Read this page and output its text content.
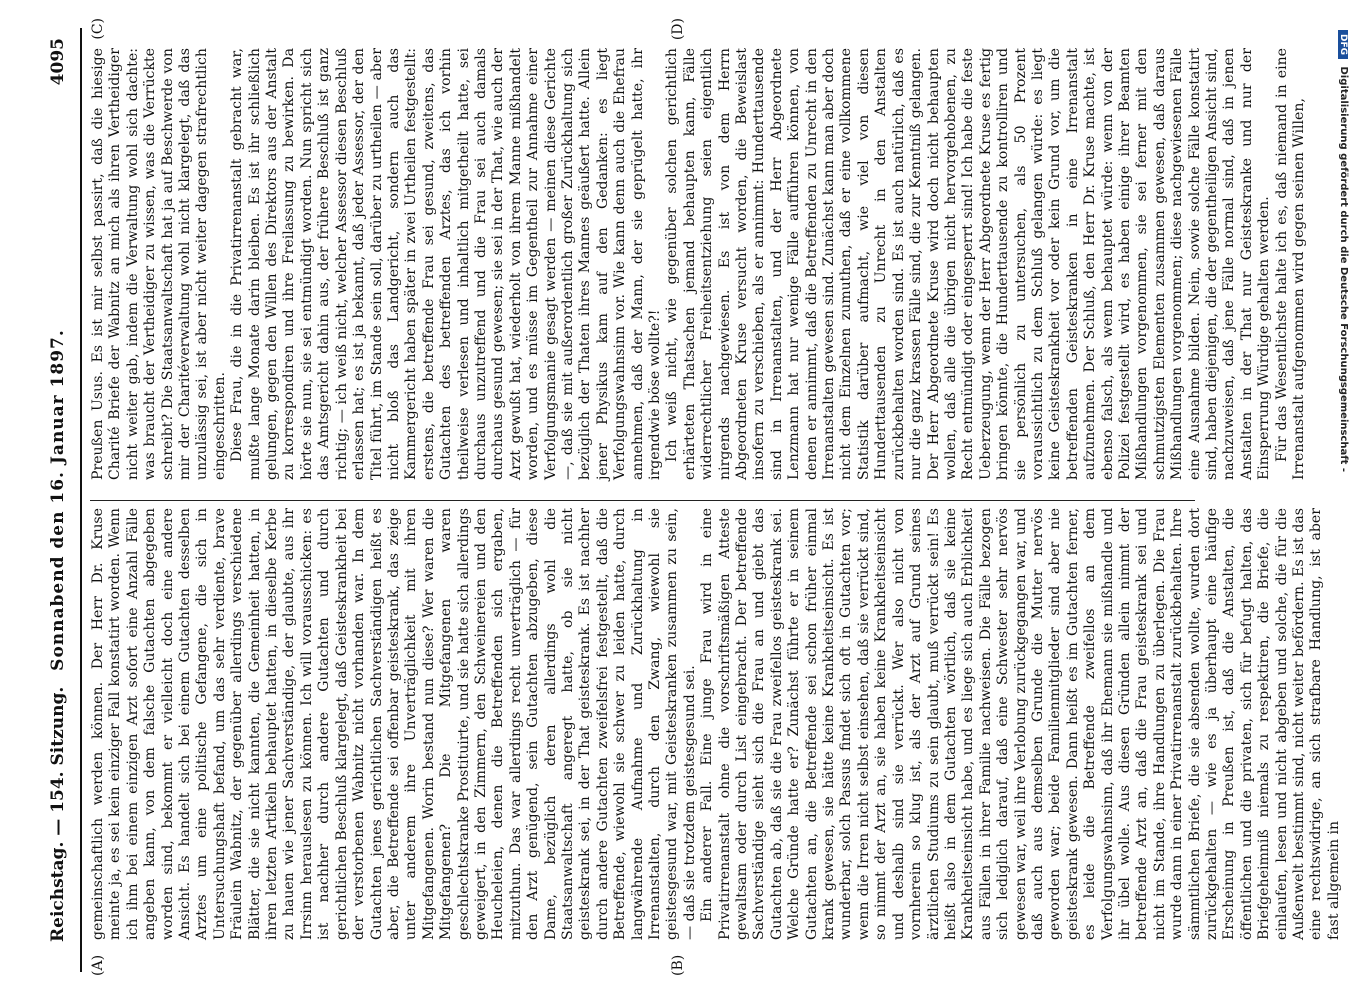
Reichstag. — 154. Sitzung.
Sonnabend den 16. Januar 1897.
4095
(A)	(B)
(C)	(D)

gemeinschaftlich werden können. Der Herr Dr. Kruse meinte ja, es sei kein einziger Fall konstatirt worden. Wenn ich ihm bei einem einzigen Arzt sofort eine Anzahl Fälle angeben kann, von dem falsche Gutachten abgegeben worden sind, bekommt er vielleicht doch eine andere Ansicht. Es handelt sich bei einem Gutachten desselben Arztes um eine politische Gefangene, die sich in Untersuchungshaft befand, um das sehr verdiente, brave Fräulein Wabnitz, der gegenüber allerdings verschiedene Blätter, die sie nicht kannten, die Gemeinheit hatten, in ihren letzten Artikeln behauptet hatten, in dieselbe Kerbe zu hauen wie jener Sachverständige, der glaubte, aus ihr Irrsinn herauslesen zu können. Ich will vorausschicken: es ist nachher durch andere Gutachten und durch gerichtlichen Beschluß klargelegt, daß Geisteskrankheit bei der verstorbenen Wabnitz nicht vorhanden war. In dem Gutachten jenes gerichtlichen Sachverständigen heißt es aber, die Betreffende sei offenbar geisteskrank, das zeige unter anderem ihre Unverträglichkeit mit ihren Mitgefangenen. Worin bestand nun diese? Wer waren die Mitgefangenen? Die Mitgefangenen waren geschlechtskranke Prostituirte, und sie hatte sich allerdings geweigert, in den Zimmern, den Schweinereien und den Heucheleien, denen die Betreffenden sich ergaben, mitzuthun. Das war allerdings recht unverträglich — für den Arzt genügend, sein Gutachten abzugeben, diese Dame, bezüglich deren allerdings wohl die Staatsanwaltschaft angeregt hatte, ob sie nicht geisteskrank sei, in der That geisteskrank. Es ist nachher durch andere Gutachten zweifelsfrei festgestellt, daß die Betreffende, wiewohl sie schwer zu leiden hatte, durch langwährende Aufnahme und Zurückhaltung in Irrenanstalten, durch den Zwang, wiewohl sie geistesgesund war, mit Geisteskranken zusammen zu sein, — daß sie trotzdem geistesgesund sei. Ein anderer Fall. Eine junge Frau wird in eine Privatirrenanstalt ohne die vorschriftsmäßigen Atteste gewaltsam oder durch List eingebracht. Der betreffende Sachverständige sieht sich die Frau an und giebt das Gutachten ab, daß sie die Frau zweifellos geisteskrank sei. Welche Gründe hatte er? Zunächst führte er in seinem Gutachten an, die Betreffende sei schon früher einmal krank gewesen, sie hätte keine Krankheitseinsicht. Es ist wunderbar, solch Passus findet sich oft in Gutachten vor; wenn die Irren nicht selbst einsehen, daß sie verrückt sind, so nimmt der Arzt an, sie haben keine Krankheitseinsicht und deshalb sind sie verrückt. Wer also nicht von vornherein so klug ist, als der Arzt auf Grund seines ärztlichen Studiums zu sein glaubt, muß verrückt sein! Es heißt also in dem Gutachten wörtlich, daß sie keine Krankheitseinsicht habe, und es liege sich auch Erblichkeit aus Fällen in ihrer Familie nachweisen. Die Fälle bezogen sich lediglich darauf, daß eine Schwester sehr nervös gewesen war, weil ihre Verlobung zurückgegangen war, und daß auch aus demselben Grunde die Mutter nervös geworden war; beide Familienmitglieder sind aber nie geisteskrank gewesen. Dann heißt es im Gutachten ferner, es leide die Betreffende zweifellos an dem Verfolgungswahnsinn, daß ihr Ehemann sie mißhandle und ihr übel wolle. Aus diesen Gründen allein nimmt der betreffende Arzt an, daß die Frau geisteskrank sei und nicht im Stande, ihre Handlungen zu überlegen. Die Frau wurde dann in einer Privatirrenanstalt zurückbehalten. Ihre sämmtlichen Briefe, die sie absenden wollte, wurden dort zurückgehalten — wie es ja überhaupt eine häufige Erscheinung in Preußen ist, daß die Anstalten, die öffentlichen und die privaten, sich für befugt halten, das Briefgeheimniß niemals zu respektiren, die Briefe, die einlaufen, lesen und nicht abgeben und solche, die für die Außenwelt bestimmt sind, nicht weiter befördern. Es ist das eine rechtswidrige, an sich strafbare Handlung, ist aber fast allgemein in

Preußen Usus. Es ist mir selbst passirt, daß die hiesige Charité Briefe der Wabnitz an mich als ihren Vertheidiger nicht weiter gab, indem die Verwaltung wohl sich dachte: was braucht der Vertheidiger zu wissen, was die Verrückte schreibt? Die Staatsanwaltschaft hat ja auf Beschwerde von mir der Charitéverwaltung wohl nicht klargelegt, daß das unzulässig sei, ist aber nicht weiter dagegen strafrechtlich eingeschritten. Diese Frau, die in die Privatirrenanstalt gebracht war, mußte lange Monate darin bleiben. Es ist ihr schließlich gelungen, gegen den Willen des Direktors aus der Anstalt zu korrespondiren und ihre Freilassung zu bewirken. Da hörte sie nun, sie sei entmündigt worden. Nun spricht sich das Amtsgericht dahin aus, der frühere Beschluß ist ganz richtig; — ich weiß nicht, welcher Assessor diesen Beschluß erlassen hat; es ist ja bekannt, daß jeder Assessor, der den Titel führt, im Stande sein soll, darüber zu urtheilen — aber nicht bloß das Landgericht, sondern auch das Kammergericht haben später in zwei Urtheilen festgestellt: erstens, die betreffende Frau sei gesund, zweitens, das Gutachten des betreffenden Arztes, das ich vorhin theilweise verlesen und inhaltlich mitgetheilt hatte, sei durchaus unzutreffend und die Frau sei auch damals durchaus gesund gewesen; sie sei in der That, wie auch der Arzt gewußt hat, wiederholt von ihrem Manne mißhandelt worden, und es müsse im Gegentheil zur Annahme einer Verfolgungsmanie gesagt werden — meinen diese Gerichte —, daß sie mit außerordentlich großer Zurückhaltung sich bezüglich der Thaten ihres Mannes geäußert hatte. Allein jener Physikus kam auf den Gedanken: es liegt Verfolgungswahnsinn vor. Wie kann denn auch die Ehefrau annehmen, daß der Mann, der sie geprügelt hatte, ihr irgendwie böse wollte?! Ich weiß nicht, wie gegenüber solchen gerichtlich erhärteten Thatsachen jemand behaupten kann, Fälle widerrechtlicher Freiheitsentziehung seien eigentlich nirgends nachgewiesen. Es ist von dem Herrn Abgeordneten Kruse versucht worden, die Beweislast insofern zu verschieben, als er annimmt: Hunderttausende sind in Irrenanstalten, und der Herr Abgeordnete Lenzmann hat nur wenige Fälle aufführen können, von denen er annimmt, daß die Betreffenden zu Unrecht in den Irrenanstalten gewesen sind. Zunächst kann man aber doch nicht dem Einzelnen zumuthen, daß er eine vollkommene Statistik darüber aufmacht, wie viel von diesen Hunderttausenden zu Unrecht in den Anstalten zurückbehalten worden sind. Es ist auch natürlich, daß es nur die ganz krassen Fälle sind, die zur Kenntniß gelangen. Der Herr Abgeordnete Kruse wird doch nicht behaupten wollen, daß alle die übrigen nicht hervorgehobenen, zu Recht entmündigt oder eingesperrt sind! Ich habe die feste Ueberzeugung, wenn der Herr Abgeordnete Kruse es fertig bringen könnte, die Hunderttausende zu kontrolliren und sie persönlich zu untersuchen, als 50 Prozent voraussichtlich zu dem Schluß gelangen würde: es liegt keine Geisteskrankheit vor oder kein Grund vor, um die betreffenden Geisteskranken in eine Irrenanstalt aufzunehmen. Der Schluß, den Herr Dr. Kruse machte, ist ebenso falsch, als wenn behauptet würde: wenn von der Polizei festgestellt wird, es haben einige ihrer Beamten Mißhandlungen vorgenommen, sie sei ferner mit den schmutzigsten Elementen zusammen gewesen, daß daraus Mißhandlungen vorgenommen; diese nachgewiesenen Fälle eine Ausnahme bilden. Nein, sowie solche Fälle konstatirt sind, haben diejenigen, die der gegentheiligen Ansicht sind, nachzuweisen, daß jene Fälle normal sind, daß in jenen Anstalten in der That nur Geisteskranke und nur der Einsperrung Würdige gehalten werden. Für das Wesentlichste halte ich es, daß niemand in eine Irrenanstalt aufgenommen wird gegen seinen Willen,

DFG Digitalisierung gefördert durch die Deutsche Forschungsgemeinschaft -
